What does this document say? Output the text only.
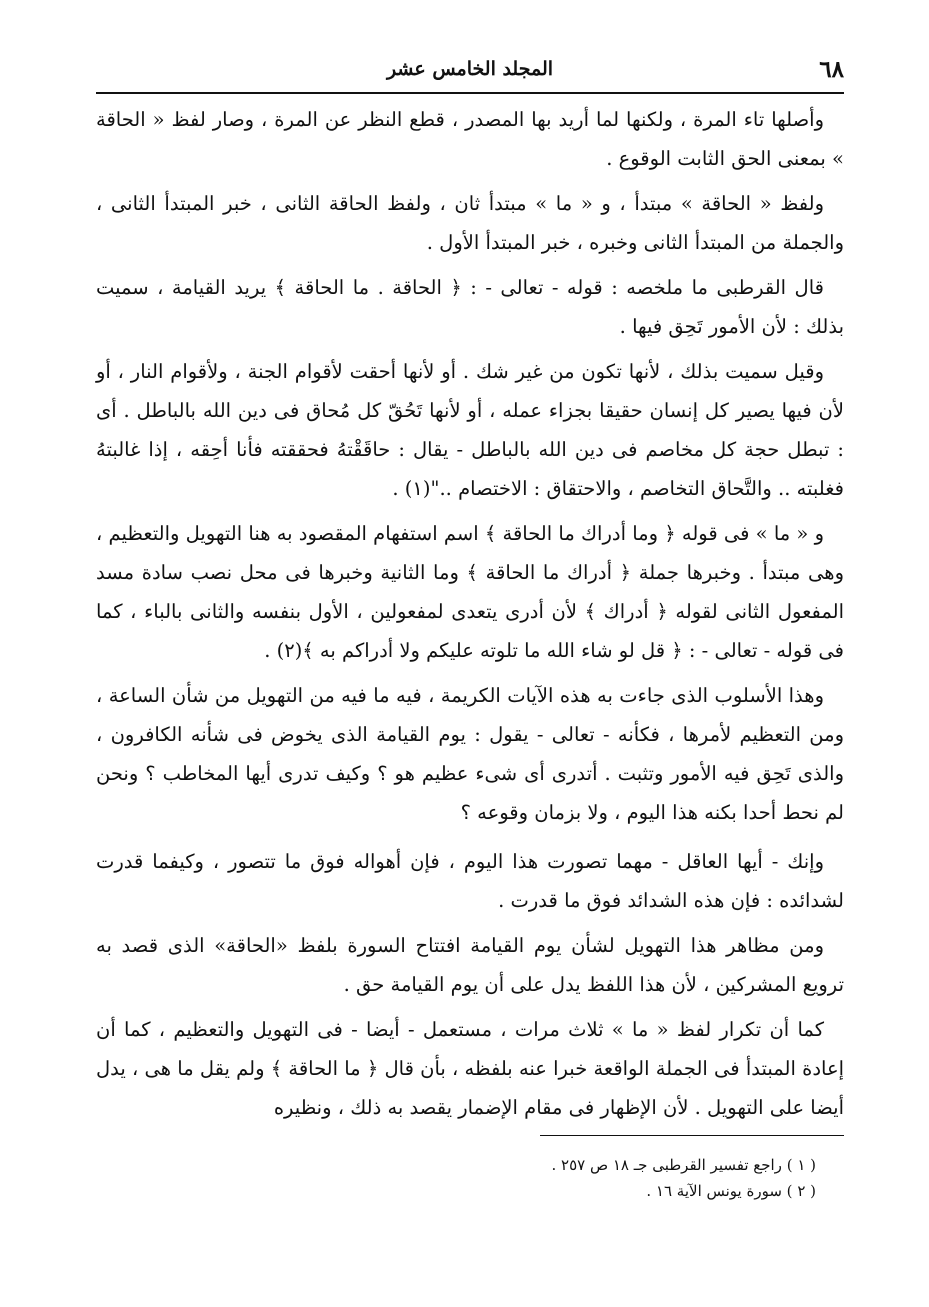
٦٨
المجلد الخامس عشر

وأصلها تاء المرة ، ولكنها لما أريد بها المصدر ، قطع النظر عن المرة ، وصار لفظ « الحاقة » بمعنى الحق الثابت الوقوع .

ولفظ « الحاقة » مبتدأ ، و « ما » مبتدأ ثان ، ولفظ الحاقة الثانى ، خبر المبتدأ الثانى ، والجملة من المبتدأ الثانى وخبره ، خبر المبتدأ الأول .

قال القرطبى ما ملخصه : قوله - تعالى - : ﴿ الحاقة . ما الحاقة ﴾ يريد القيامة ، سميت بذلك : لأن الأمور تَحِق فيها .

وقيل سميت بذلك ، لأنها تكون من غير شك . أو لأنها أحقت لأقوام الجنة ، ولأقوام النار ، أو لأن فيها يصير كل إنسان حقيقا بجزاء عمله ، أو لأنها تَحُقّ كل مُحاق فى دين الله بالباطل . أى : تبطل حجة كل مخاصم فى دين الله بالباطل - يقال : حاقَقْتهُ فحققته فأنا أحِقه ، إذا غالبتهُ فغلبته .. والتَّحاق التخاصم ، والاحتقاق : الاختصام .."(١) .

و « ما » فى قوله ﴿ وما أدراك ما الحاقة ﴾ اسم استفهام المقصود به هنا التهويل والتعظيم ، وهى مبتدأ . وخبرها جملة ﴿ أدراك ما الحاقة ﴾ وما الثانية وخبرها فى محل نصب سادة مسد المفعول الثانى لقوله ﴿ أدراك ﴾ لأن أدرى يتعدى لمفعولين ، الأول بنفسه والثانى بالباء ، كما فى قوله - تعالى - : ﴿ قل لو شاء الله ما تلوته عليكم ولا أدراكم به ﴾(٢) .

وهذا الأسلوب الذى جاءت به هذه الآيات الكريمة ، فيه ما فيه من التهويل من شأن الساعة ، ومن التعظيم لأمرها ، فكأنه - تعالى - يقول : يوم القيامة الذى يخوض فى شأنه الكافرون ، والذى تَحِق فيه الأمور وتثبت . أتدرى أى شىء عظيم هو ؟ وكيف تدرى أيها المخاطب ؟ ونحن لم نحط أحدا بكنه هذا اليوم ، ولا بزمان وقوعه ؟

وإنك - أيها العاقل - مهما تصورت هذا اليوم ، فإن أهواله فوق ما تتصور ، وكيفما قدرت لشدائده : فإن هذه الشدائد فوق ما قدرت .

ومن مظاهر هذا التهويل لشأن يوم القيامة افتتاح السورة بلفظ «الحاقة» الذى قصد به ترويع المشركين ، لأن هذا اللفظ يدل على أن يوم القيامة حق .

كما أن تكرار لفظ « ما » ثلاث مرات ، مستعمل - أيضا - فى التهويل والتعظيم ، كما أن إعادة المبتدأ فى الجملة الواقعة خبرا عنه بلفظه ، بأن قال ﴿ ما الحاقة ﴾ ولم يقل ما هى ، يدل أيضا على التهويل . لأن الإظهار فى مقام الإضمار يقصد به ذلك ، ونظيره

( ١ ) راجع تفسير القرطبى جـ ١٨ ص ٢٥٧ .
( ٢ ) سورة يونس الآية ١٦ .
